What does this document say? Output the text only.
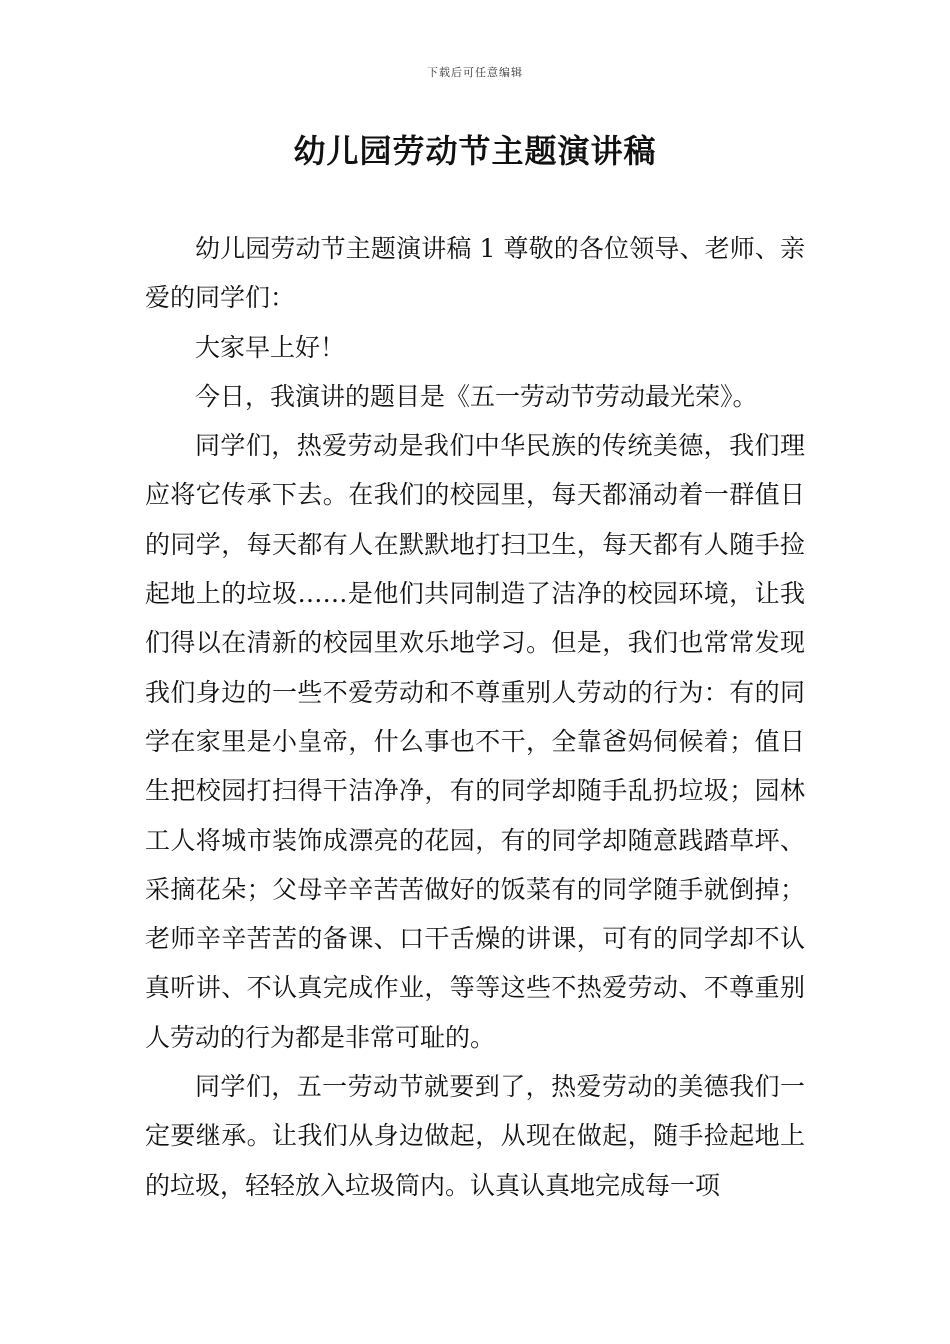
下载后可任意编辑
幼儿园劳动节主题演讲稿

幼儿园劳动节主题演讲稿 1 尊敬的各位领导、老师、亲爱的同学们：

大家早上好！

今日，我演讲的题目是《五一劳动节劳动最光荣》。

同学们，热爱劳动是我们中华民族的传统美德，我们理应将它传承下去。在我们的校园里，每天都涌动着一群值日的同学，每天都有人在默默地打扫卫生，每天都有人随手捡起地上的垃圾……是他们共同制造了洁净的校园环境，让我们得以在清新的校园里欢乐地学习。但是，我们也常常发现我们身边的一些不爱劳动和不尊重别人劳动的行为：有的同学在家里是小皇帝，什么事也不干，全靠爸妈伺候着；值日生把校园打扫得干洁净净，有的同学却随手乱扔垃圾；园林工人将城市装饰成漂亮的花园，有的同学却随意践踏草坪、采摘花朵；父母辛辛苦苦做好的饭菜有的同学随手就倒掉；老师辛辛苦苦的备课、口干舌燥的讲课，可有的同学却不认真听讲、不认真完成作业，等等这些不热爱劳动、不尊重别人劳动的行为都是非常可耻的。

同学们，五一劳动节就要到了，热爱劳动的美德我们一定要继承。让我们从身边做起，从现在做起，随手捡起地上的垃圾，轻轻放入垃圾筒内。认真认真地完成每一项
